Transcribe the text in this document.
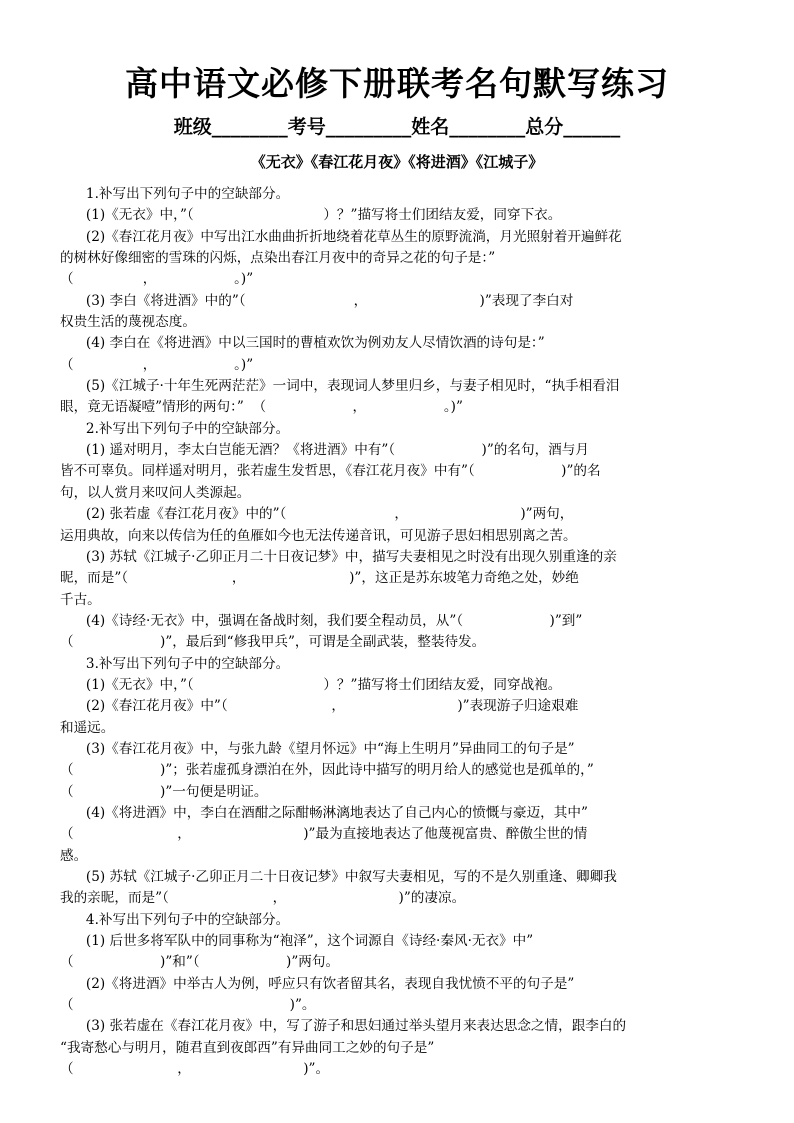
高中语文必修下册联考名句默写练习
班级________考号_________姓名________总分______
《无衣》《春江花月夜》《将进酒》《江城子》
1.补写出下列句子中的空缺部分。
(1)《无衣》中，”（                              ）？”描写将士们团结友爱，同穿下衣。
(2)《春江花月夜》中写出江水曲曲折折地绕着花草丛生的原野流淌，月光照射着开遍鲜花
的树林好像细密的雪珠的闪烁，点染出春江月夜中的奇异之花的句子是：”
（                ，                  。)”
(3) 李白《将进酒》中的”（                         ，                          )”表现了李白对
权贵生活的蔑视态度。
(4) 李白在《将进酒》中以三国时的曹植欢饮为例劝友人尽情饮酒的诗句是：”
（                ，                  。)”
(5)《江城子·十年生死两茫茫》一词中，表现词人梦里归乡，与妻子相见时，“执手相看泪
眼，竟无语凝噎”情形的两句：”  （                    ，                  。)”
2.补写出下列句子中的空缺部分。
(1) 遥对明月，李太白岂能无酒？《将进酒》中有”（                    )”的名句，酒与月
皆不可辜负。同样遥对明月，张若虚生发哲思，《春江花月夜》中有”（                    )”的名
句，以人赏月来叹问人类源起。
(2) 张若虚《春江花月夜》中的”（                         ，                          )”两句，
运用典故，向来以传信为任的鱼雁如今也无法传递音讯，可见游子思妇相思别离之苦。
(3) 苏轼《江城子·乙卯正月二十日夜记梦》中，描写夫妻相见之时没有出现久别重逢的亲
昵，而是”（                        ，                        )”，这正是苏东坡笔力奇绝之处，妙绝
千古。
(4)《诗经·无衣》中，强调在备战时刻，我们要全程动员，从”（                    )”到”
（                    )”，最后到“修我甲兵”，可谓是全副武装，整装待发。
3.补写出下列句子中的空缺部分。
(1)《无衣》中，”（                              ）？”描写将士们团结友爱，同穿战袍。
(2)《春江花月夜》中”（                        ，                          )”表现游子归途艰难
和遥远。
(3)《春江花月夜》中，与张九龄《望月怀远》中“海上生明月”异曲同工的句子是”
（                    )”；张若虚孤身漂泊在外，因此诗中描写的明月给人的感觉也是孤单的，”
（                    )”一句便是明证。
(4)《将进酒》中，李白在酒酣之际酣畅淋漓地表达了自己内心的愤慨与豪迈，其中”
（                        ，                          )”最为直接地表达了他蔑视富贵、醉傲尘世的情
感。
(5) 苏轼《江城子·乙卯正月二十日夜记梦》中叙写夫妻相见，写的不是久别重逢、卿卿我
我的亲昵，而是”（                        ，                          )”的凄凉。
4.补写出下列句子中的空缺部分。
(1) 后世多将军队中的同事称为“袍泽”，这个词源自《诗经·秦风·无衣》中”
（                    )”和”（                    )”两句。
(2)《将进酒》中举古人为例，呼应只有饮者留其名，表现自我忧愤不平的句子是”
（                                                  )”。
(3) 张若虚在《春江花月夜》中，写了游子和思妇通过举头望月来表达思念之情，跟李白的
“我寄愁心与明月，随君直到夜郎西”有异曲同工之妙的句子是”
（                        ，                          )”。
